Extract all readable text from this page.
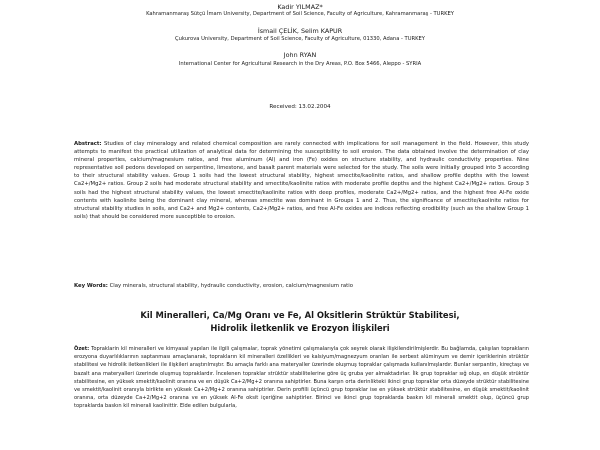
Kadir YILMAZ*
Kahramanmaraş Sütçü İmam University, Department of Soil Science, Faculty of Agriculture, Kahramanmaraş - TURKEY
İsmail ÇELİK, Selim KAPUR
Çukurova University, Department of Soil Science, Faculty of Agriculture, 01330, Adana - TURKEY
John RYAN
International Center for Agricultural Research in the Dry Areas, P.O. Box 5466, Aleppo - SYRIA
Received: 13.02.2004

Abstract: Studies of clay mineralogy and related chemical composition are rarely connected with implications for soil management in the field. However, this study attempts to manifest the practical utilization of analytical data for determining the susceptibility to soil erosion. The data obtained involve the determination of clay mineral properties, calcium/magnesium ratios, and free aluminum (Al) and iron (Fe) oxides on structure stability, and hydraulic conductivity properties. Nine representative soil pedons developed on serpentine, limestone, and basalt parent materials were selected for the study. The soils were initially grouped into 3 according to their structural stability values. Group 1 soils had the lowest structural stability, highest smectite/kaolinite ratios, and shallow profile depths with the lowest Ca2+/Mg2+ ratios. Group 2 soils had moderate structural stability and smectite/kaolinite ratios with moderate profile depths and the highest Ca2+/Mg2+ ratios. Group 3 soils had the highest structural stability values, the lowest smectite/kaolinite ratios with deep profiles, moderate Ca2+/Mg2+ ratios, and the highest free Al-Fe oxide contents with kaolinite being the dominant clay mineral, whereas smectite was dominant in Groups 1 and 2. Thus, the significance of smectite/kaolinite ratios for structural stability studies in soils, and Ca2+ and Mg2+ contents, Ca2+/Mg2+ ratios, and free Al-Fe oxides are indices reflecting erodibility (such as the shallow Group 1 soils) that should be considered more susceptible to erosion.

Key Words: Clay minerals, structural stability, hydraulic conductivity, erosion, calcium/magnesium ratio
Kil Mineralleri, Ca/Mg Oranı ve Fe, Al Oksitlerin Strüktür Stabilitesi,
Hidrolik İletkenlik ve Erozyon İlişkileri

Özet: Topraklarin kil mineralleri ve kimyasal yapıları ile ilgili çalışmalar, toprak yönetimi çalışmalarıyla çok seyrek olarak ilişkilendirilmişlerdir. Bu bağlamda, çalışılan toprakların erozyona duyarlılıklarının saptanması amaçlanarak, toprakların kil mineralleri özellikleri ve kalsiyum/magnezyum oranları ile serbest alüminyum ve demir içeriklerinin strüktür stabilitesi ve hidrolik iletkenlikleri ile ilişkileri araştırılmıştır. Bu amaçla farklı ana materyaller üzerinde oluşmuş topraklar çalışmada kullanılmışlardır. Bunlar serpantin, kireçtaşı ve bazalt ana materyalleri üzerinde oluşmuş topraklardır. İncelenen topraklar strüktür stabilitelerine göre üç gruba yer almaktadırlar. İlk grup topraklar sığ olup, en düşük strüktür stabilitesine, en yüksek smektit/kaolinit oranına ve en düşük Ca+2/Mg+2 oranına sahiptirler. Buna karşın orta derinlikteki ikinci grup topraklar orta düzeyde strüktür stabilitesine ve smektit/kaolinit oranıyla birlikte en yüksek Ca+2/Mg+2 oranına sahiptirler. Derin profilli üçüncü grup topraklar ise en yüksek strüktür stabilitesine, en düşük smektit/kaolinit oranına, orta düzeyde Ca+2/Mg+2 oranına ve en yüksek Al-Fe oksit içeriğine sahiptirler. Birinci ve ikinci grup topraklarda baskın kil minerali smektit olup, üçüncü grup topraklarda baskın kil minerali kaolinittir. Elde edilen bulgularla,
